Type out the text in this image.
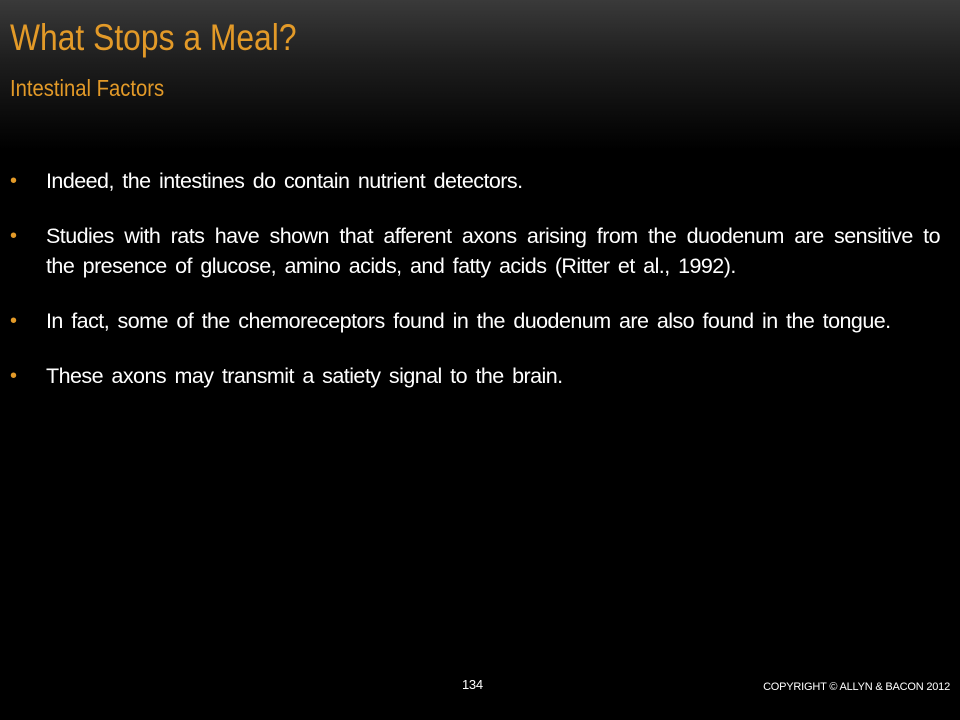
What Stops a Meal?
Intestinal Factors
• Indeed, the intestines do contain nutrient detectors.
• Studies with rats have shown that afferent axons arising from the duodenum are sensitive to the presence of glucose, amino acids, and fatty acids (Ritter et al., 1992).
• In fact, some of the chemoreceptors found in the duodenum are also found in the tongue.
• These axons may transmit a satiety signal to the brain.
134	COPYRIGHT © ALLYN & BACON 2012
